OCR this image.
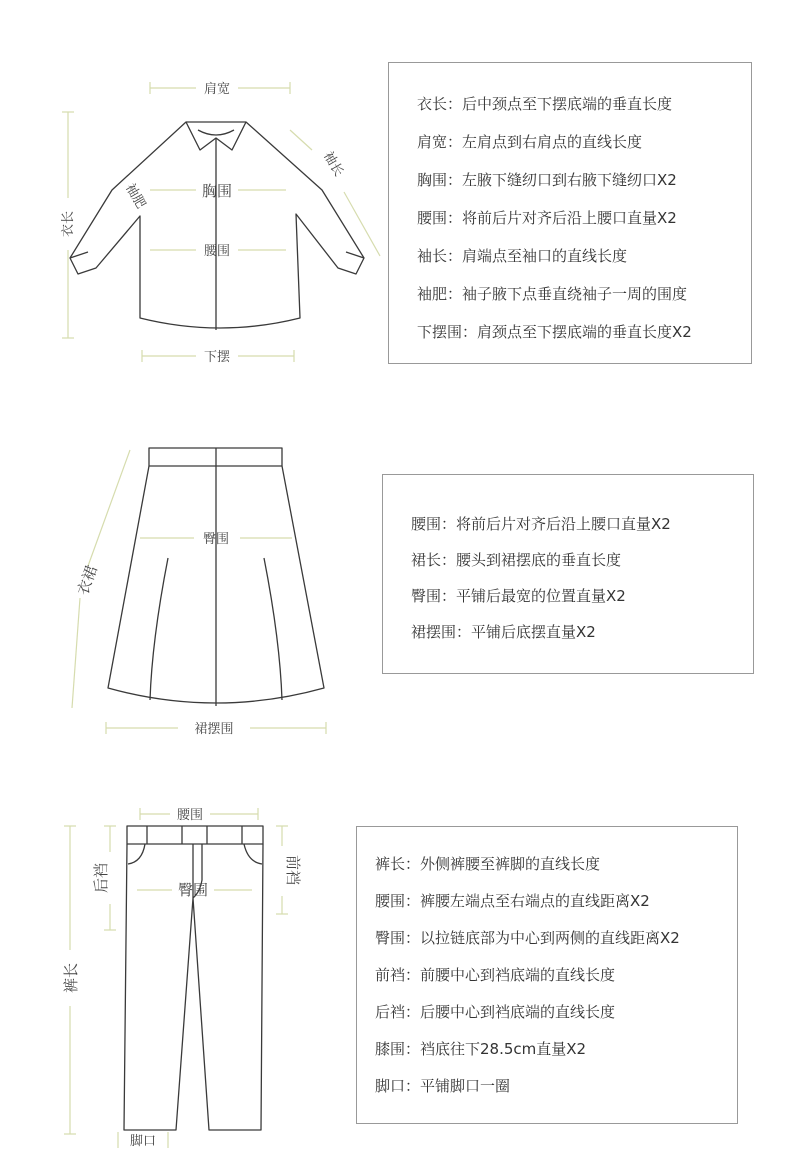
肩宽
衣长
袖长
袖肥	胸围
腰围
下摆
衣长：后中颈点至下摆底端的垂直长度
肩宽：左肩点到右肩点的直线长度
胸围：左腋下缝纫口到右腋下缝纫口X2
腰围：将前后片对齐后沿上腰口直量X2
袖长：肩端点至袖口的直线长度
袖肥：袖子腋下点垂直绕袖子一周的围度
下摆围：肩颈点至下摆底端的垂直长度X2
臀围
衣裙
裙摆围
腰围：将前后片对齐后沿上腰口直量X2
裙长：腰头到裙摆底的垂直长度
臀围：平铺后最宽的位置直量X2
裙摆围：平铺后底摆直量X2
腰围
后裆	前裆
臀围
裤长
脚口
裤长：外侧裤腰至裤脚的直线长度
腰围：裤腰左端点至右端点的直线距离X2
臀围：以拉链底部为中心到两侧的直线距离X2
前裆：前腰中心到裆底端的直线长度
后裆：后腰中心到裆底端的直线长度
膝围：裆底往下28.5cm直量X2
脚口：平铺脚口一圈
